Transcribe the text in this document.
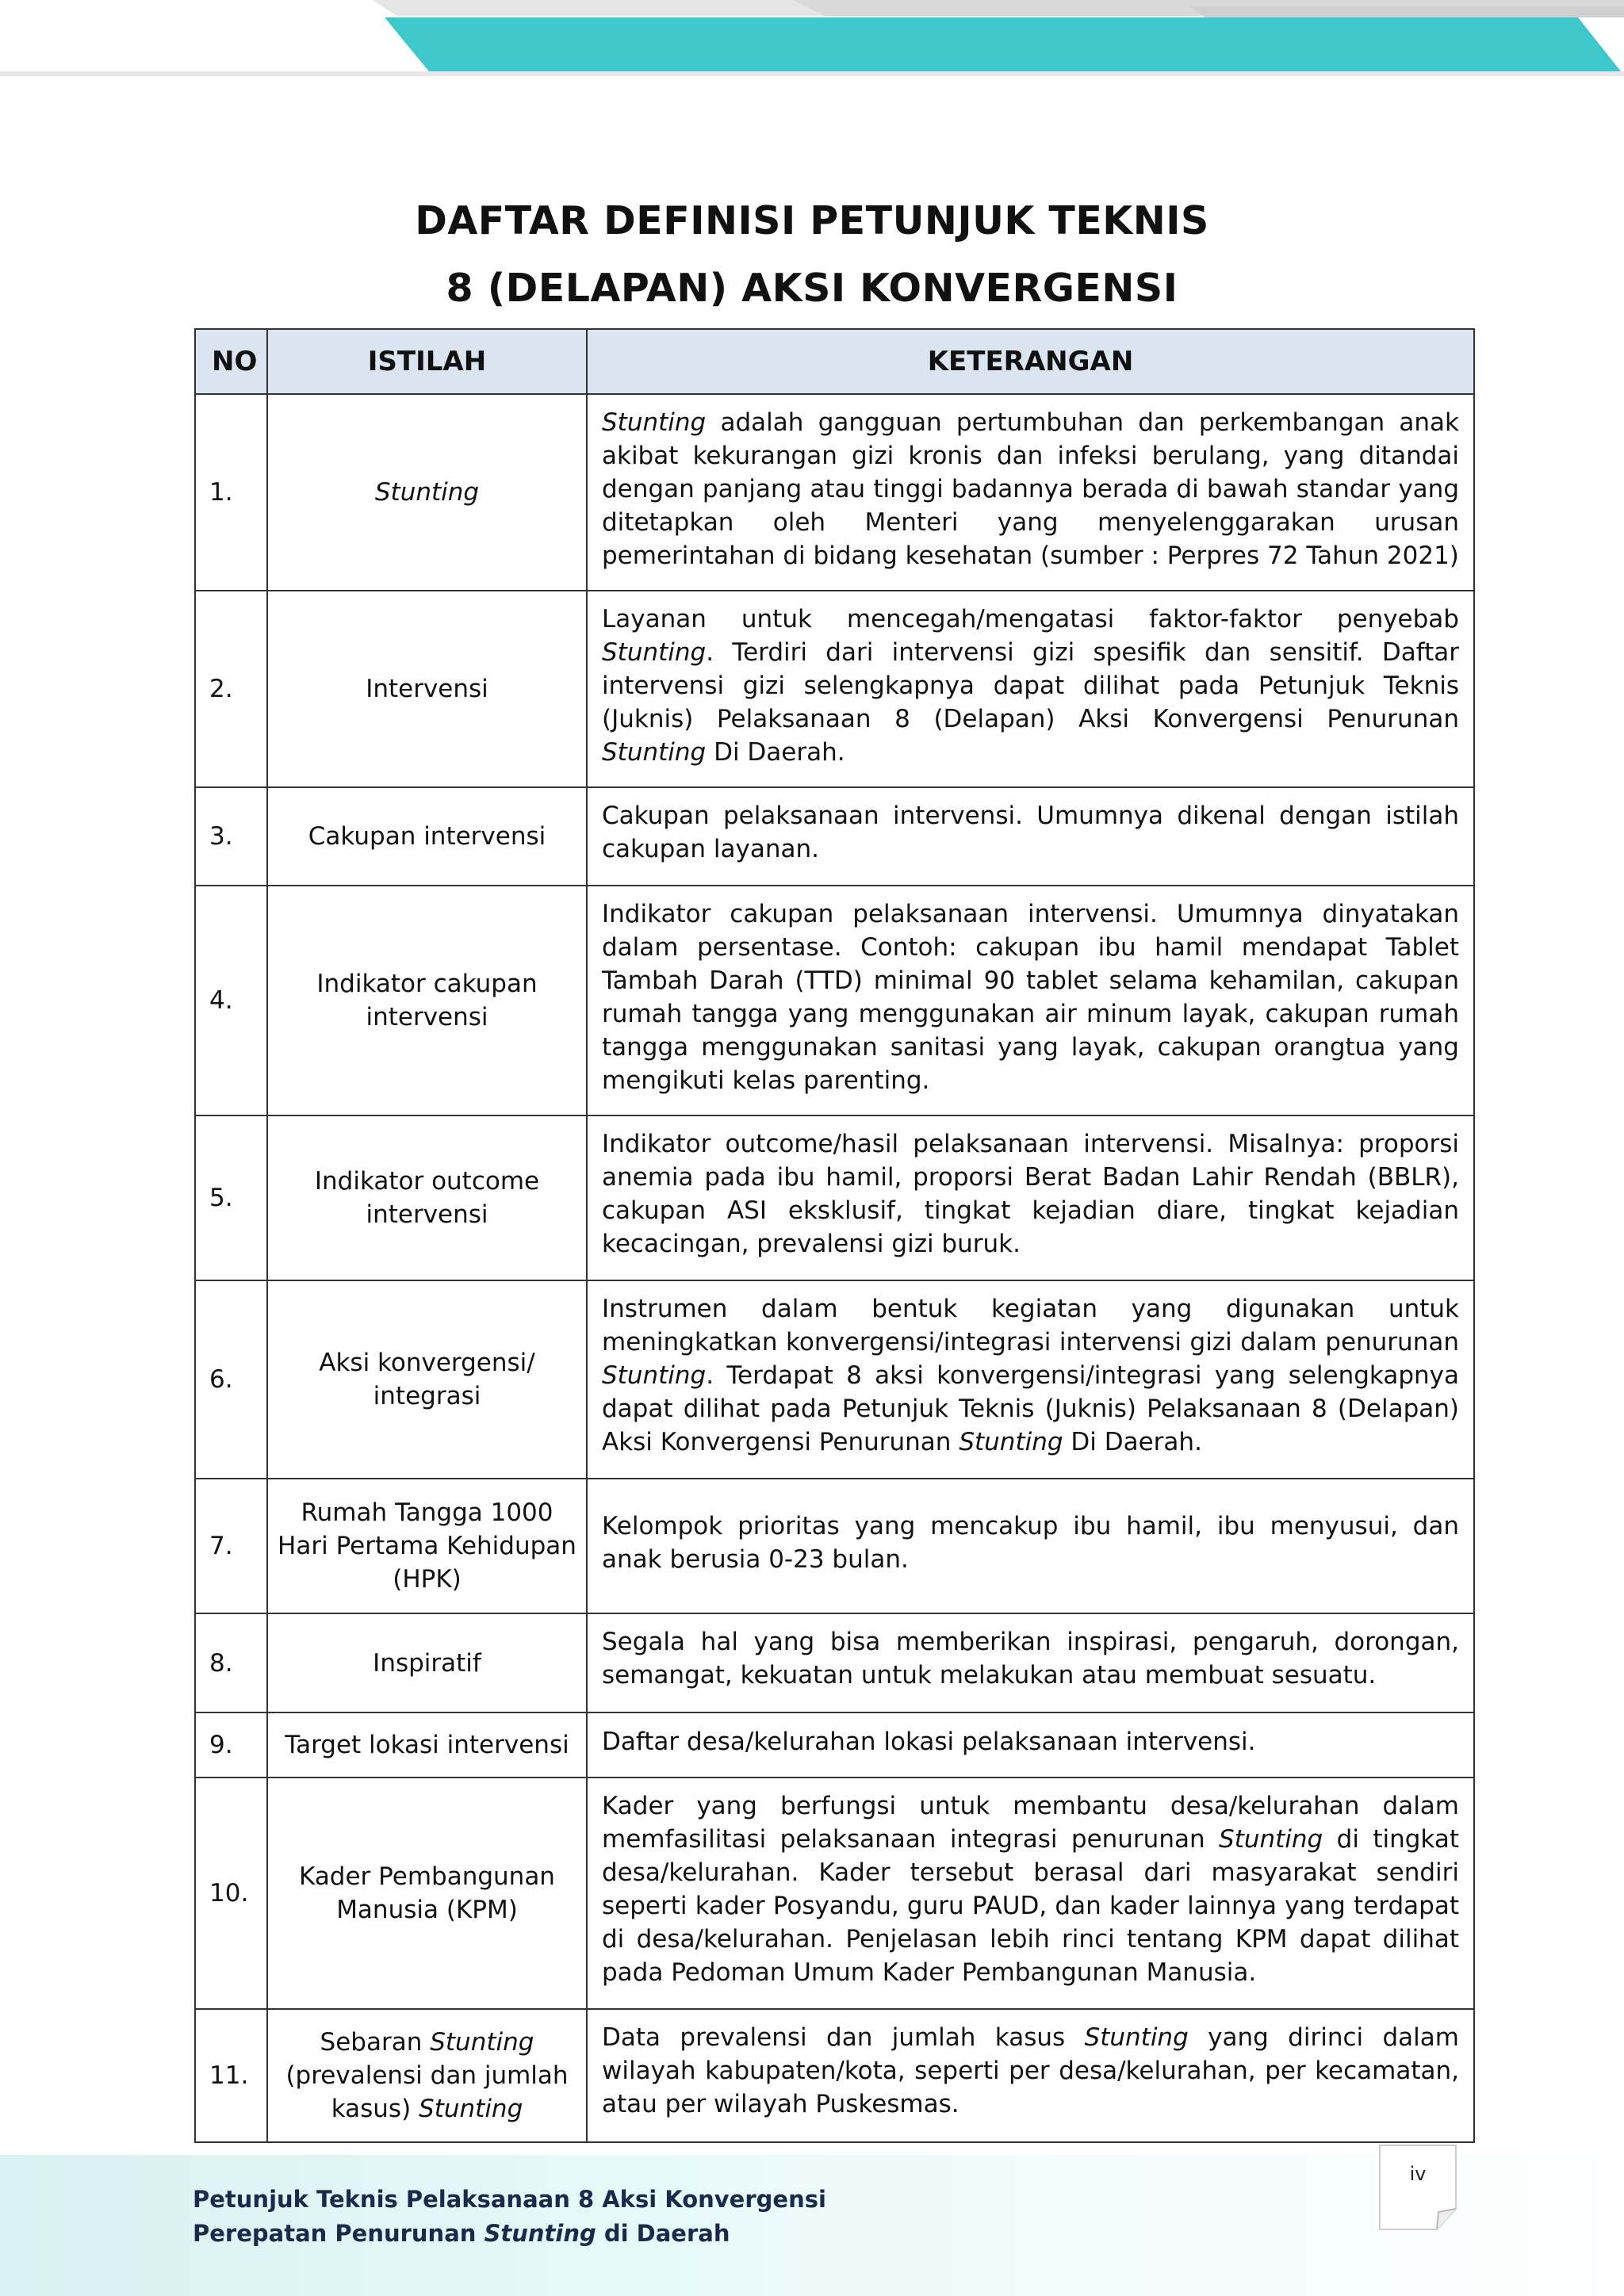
DAFTAR DEFINISI PETUNJUK TEKNIS
8 (DELAPAN) AKSI KONVERGENSI
NO	ISTILAH	KETERANGAN
1.	Stunting	Stunting adalah gangguan pertumbuhan dan perkembangan anak akibat kekurangan gizi kronis dan infeksi berulang, yang ditandai dengan panjang atau tinggi badannya berada di bawah standar yang ditetapkan oleh Menteri yang menyelenggarakan urusan pemerintahan di bidang kesehatan (sumber : Perpres 72 Tahun 2021)
2.	Intervensi	Layanan untuk mencegah/mengatasi faktor-faktor penyebab Stunting. Terdiri dari intervensi gizi spesifik dan sensitif. Daftar intervensi gizi selengkapnya dapat dilihat pada Petunjuk Teknis (Juknis) Pelaksanaan 8 (Delapan) Aksi Konvergensi Penurunan Stunting Di Daerah.
3.	Cakupan intervensi	Cakupan pelaksanaan intervensi. Umumnya dikenal dengan istilah cakupan layanan.
4.	Indikator cakupan intervensi	Indikator cakupan pelaksanaan intervensi. Umumnya dinyatakan dalam persentase. Contoh: cakupan ibu hamil mendapat Tablet Tambah Darah (TTD) minimal 90 tablet selama kehamilan, cakupan rumah tangga yang menggunakan air minum layak, cakupan rumah tangga menggunakan sanitasi yang layak, cakupan orangtua yang mengikuti kelas parenting.
5.	Indikator outcome intervensi	Indikator outcome/hasil pelaksanaan intervensi. Misalnya: proporsi anemia pada ibu hamil, proporsi Berat Badan Lahir Rendah (BBLR), cakupan ASI eksklusif, tingkat kejadian diare, tingkat kejadian kecacingan, prevalensi gizi buruk.
6.	Aksi konvergensi/ integrasi	Instrumen dalam bentuk kegiatan yang digunakan untuk meningkatkan konvergensi/integrasi intervensi gizi dalam penurunan Stunting. Terdapat 8 aksi konvergensi/integrasi yang selengkapnya dapat dilihat pada Petunjuk Teknis (Juknis) Pelaksanaan 8 (Delapan) Aksi Konvergensi Penurunan Stunting Di Daerah.
7.	Rumah Tangga 1000 Hari Pertama Kehidupan (HPK)	Kelompok prioritas yang mencakup ibu hamil, ibu menyusui, dan anak berusia 0-23 bulan.
8.	Inspiratif	Segala hal yang bisa memberikan inspirasi, pengaruh, dorongan, semangat, kekuatan untuk melakukan atau membuat sesuatu.
9.	Target lokasi intervensi	Daftar desa/kelurahan lokasi pelaksanaan intervensi.
10.	Kader Pembangunan Manusia (KPM)	Kader yang berfungsi untuk membantu desa/kelurahan dalam memfasilitasi pelaksanaan integrasi penurunan Stunting di tingkat desa/kelurahan. Kader tersebut berasal dari masyarakat sendiri seperti kader Posyandu, guru PAUD, dan kader lainnya yang terdapat di desa/kelurahan. Penjelasan lebih rinci tentang KPM dapat dilihat pada Pedoman Umum Kader Pembangunan Manusia.
11.	Sebaran Stunting (prevalensi dan jumlah kasus) Stunting	Data prevalensi dan jumlah kasus Stunting yang dirinci dalam wilayah kabupaten/kota, seperti per desa/kelurahan, per kecamatan, atau per wilayah Puskesmas.
Petunjuk Teknis Pelaksanaan 8 Aksi Konvergensi
Perepatan Penurunan Stunting di Daerah
iv
